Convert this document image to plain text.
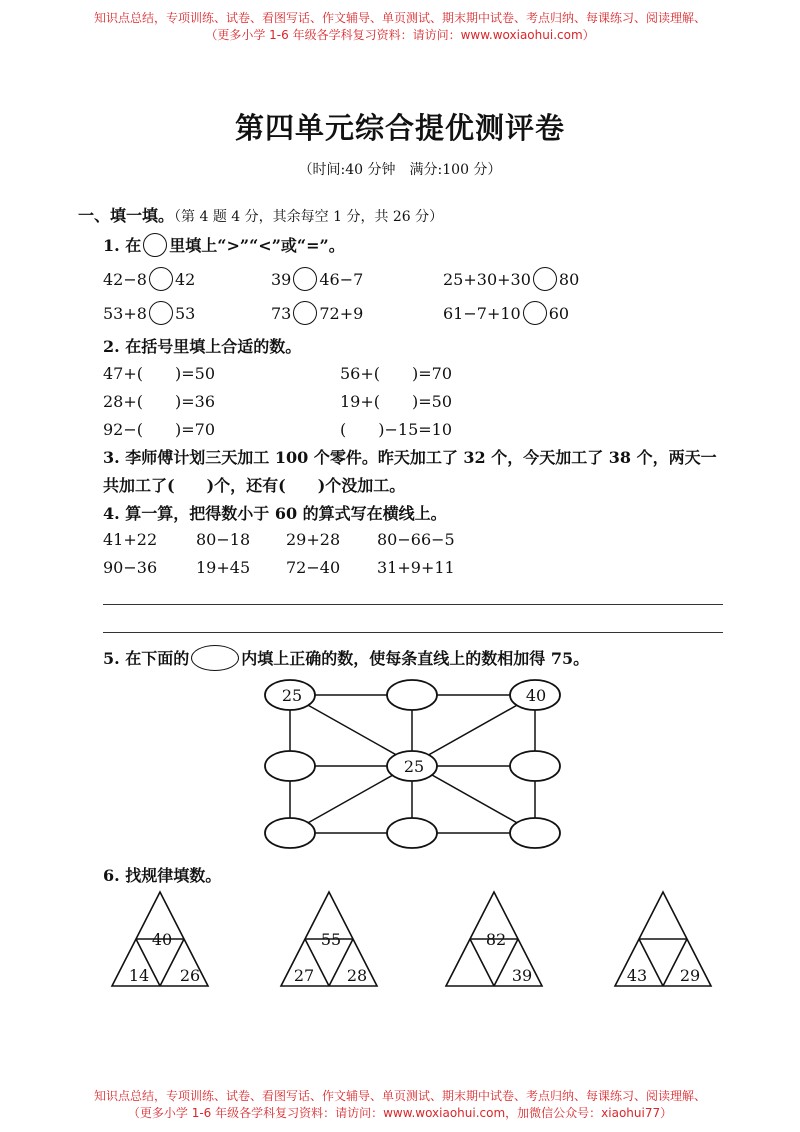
知识点总结，专项训练、试卷、看图写话、作文辅导、单页测试、期末期中试卷、考点归纳、每课练习、阅读理解、
（更多小学 1-6 年级各学科复习资料：请访问：www.woxiaohui.com）
第四单元综合提优测评卷
（时间:40 分钟　满分:100 分）
一、填一填。（第 4 题 4 分，其余每空 1 分，共 26 分）
1. 在 里填上“>”“<”或“=”。
42−8 42	39 46−7	25+30+30 80
53+8 53	73 72+9	61−7+10 60
2. 在括号里填上合适的数。
47+(　　)=50	56+(　　)=70
28+(　　)=36	19+(　　)=50
92−(　　)=70	(　　)−15=10
3. 李师傅计划三天加工 100 个零件。昨天加工了 32 个，今天加工了 38 个，两天一
共加工了(　　)个，还有(　　)个没加工。
4. 算一算，把得数小于 60 的算式写在横线上。
41+22 80−18 29+28 80−66−5
90−36 19+45 72−40 31+9+11
5. 在下面的	内填上正确的数，使每条直线上的数相加得 75。
25
25
40
40
14 26
55
27 28
82
39	43 29
6. 找规律填数。
知识点总结，专项训练、试卷、看图写话、作文辅导、单页测试、期末期中试卷、考点归纳、每课练习、阅读理解、
（更多小学 1-6 年级各学科复习资料：请访问：www.woxiaohui.com，加微信公众号：xiaohui77）
